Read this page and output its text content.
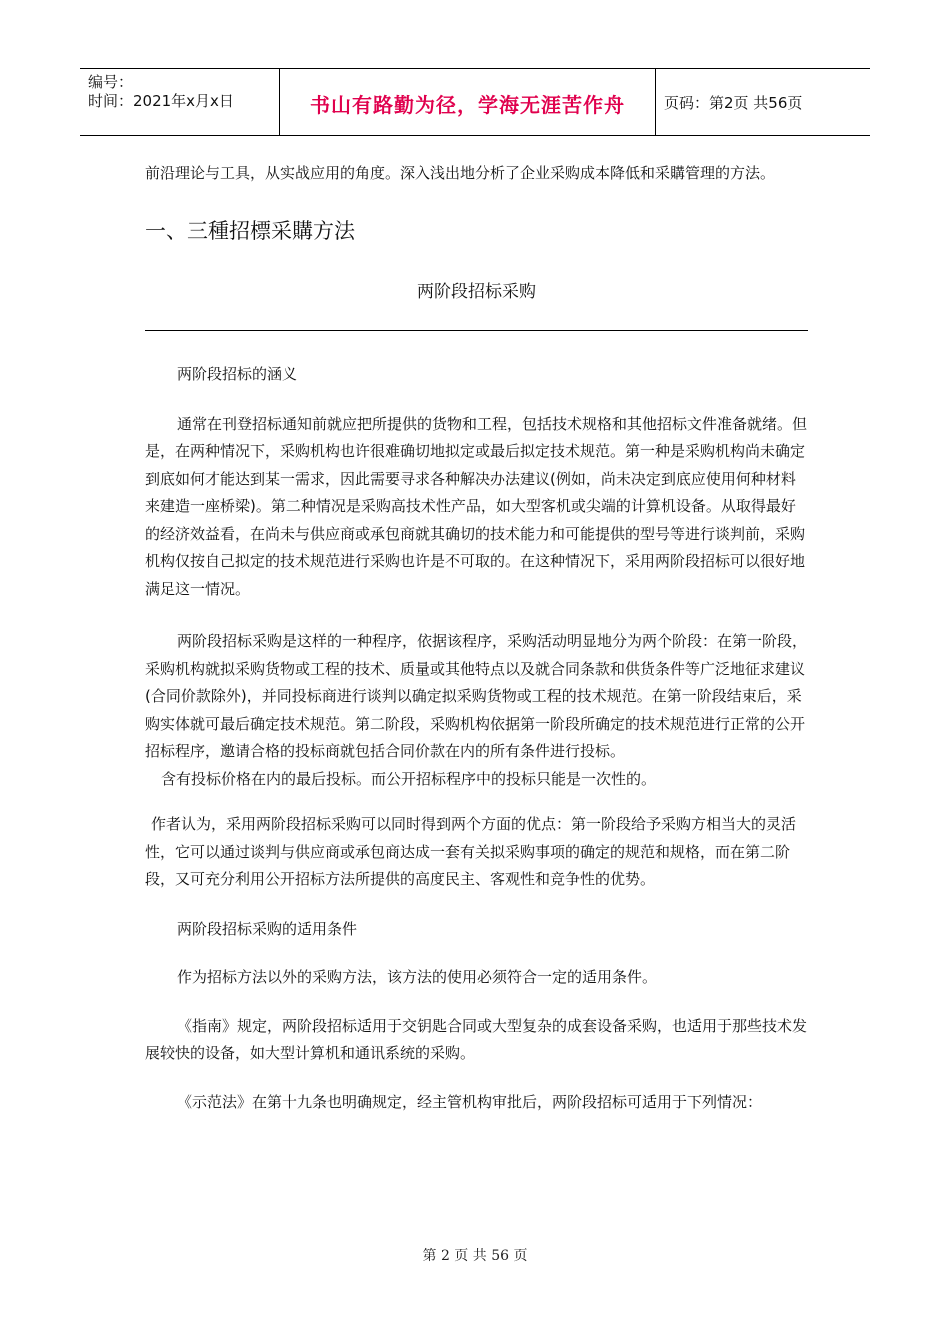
编号：
时间：2021年x月x日	书山有路勤为径，学海无涯苦作舟	页码：第2页 共56页

前沿理论与工具，从实战应用的角度。深入浅出地分析了企业采购成本降低和采購管理的方法。

一、三種招標采購方法

两阶段招标采购

两阶段招标的涵义

通常在刊登招标通知前就应把所提供的货物和工程，包括技术规格和其他招标文件准备就绪。但是，在两种情况下，采购机构也许很难确切地拟定或最后拟定技术规范。第一种是采购机构尚未确定到底如何才能达到某一需求，因此需要寻求各种解决办法建议(例如，尚未决定到底应使用何种材料来建造一座桥梁)。第二种情况是采购高技术性产品，如大型客机或尖端的计算机设备。从取得最好的经济效益看，在尚未与供应商或承包商就其确切的技术能力和可能提供的型号等进行谈判前，采购机构仅按自己拟定的技术规范进行采购也许是不可取的。在这种情况下，采用两阶段招标可以很好地满足这一情况。

两阶段招标采购是这样的一种程序，依据该程序，采购活动明显地分为两个阶段：在第一阶段，采购机构就拟采购货物或工程的技术、质量或其他特点以及就合同条款和供货条件等广泛地征求建议(合同价款除外)，并同投标商进行谈判以确定拟采购货物或工程的技术规范。在第一阶段结束后，采购实体就可最后确定技术规范。第二阶段，采购机构依据第一阶段所确定的技术规范进行正常的公开招标程序，邀请合格的投标商就包括合同价款在内的所有条件进行投标。

含有投标价格在内的最后投标。而公开招标程序中的投标只能是一次性的。

作者认为，采用两阶段招标采购可以同时得到两个方面的优点：第一阶段给予采购方相当大的灵活性，它可以通过谈判与供应商或承包商达成一套有关拟采购事项的确定的规范和规格，而在第二阶段，又可充分利用公开招标方法所提供的高度民主、客观性和竞争性的优势。

两阶段招标采购的适用条件

作为招标方法以外的采购方法，该方法的使用必须符合一定的适用条件。

《指南》规定，两阶段招标适用于交钥匙合同或大型复杂的成套设备采购，也适用于那些技术发展较快的设备，如大型计算机和通讯系统的采购。

《示范法》在第十九条也明确规定，经主管机构审批后，两阶段招标可适用于下列情况：

第 2 页 共 56 页
